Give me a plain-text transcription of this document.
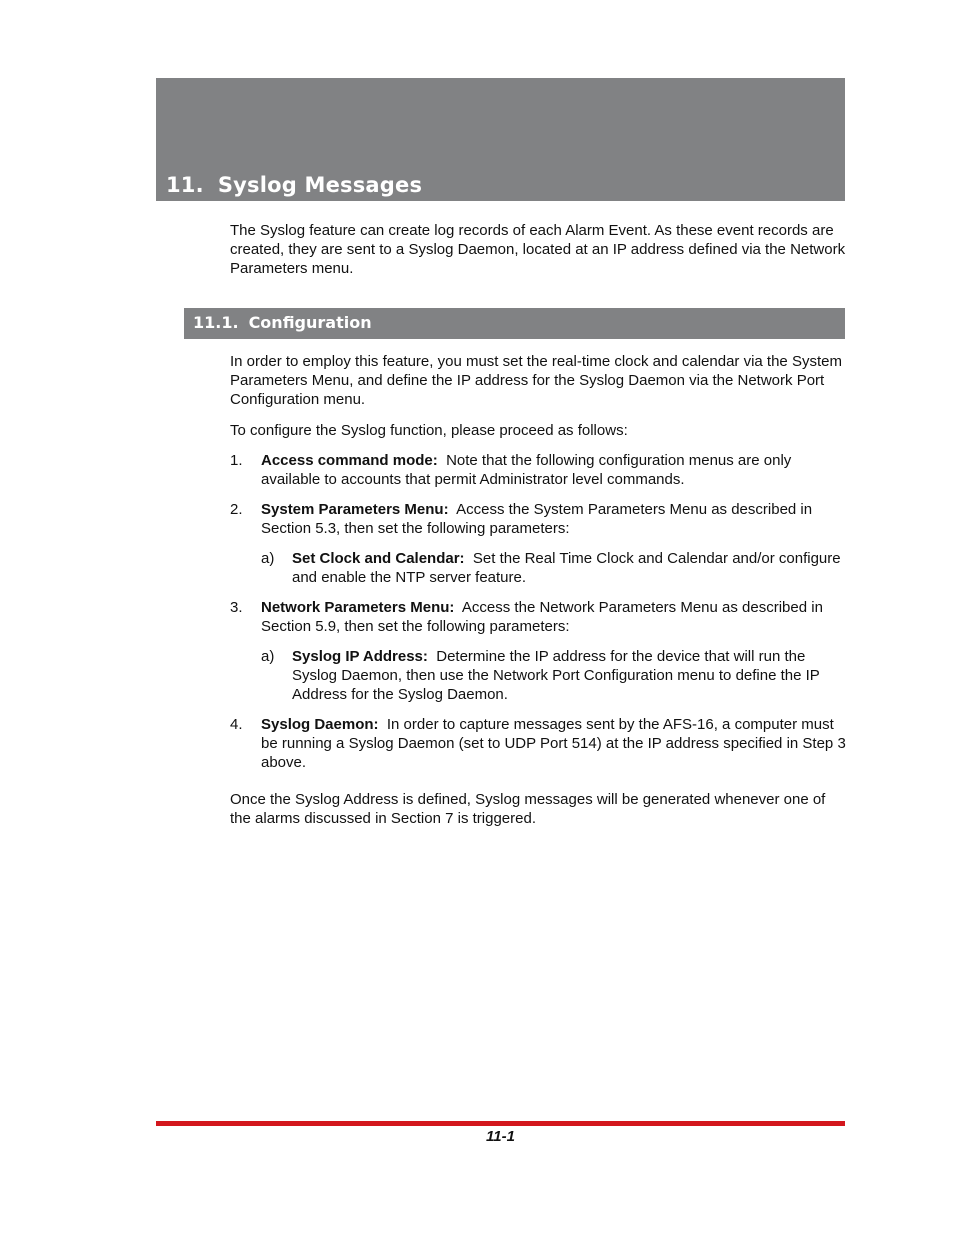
11. Syslog Messages

The Syslog feature can create log records of each Alarm Event. As these event records are created, they are sent to a Syslog Daemon, located at an IP address defined via the Network Parameters menu.

11.1. Configuration

In order to employ this feature, you must set the real-time clock and calendar via the System Parameters Menu, and define the IP address for the Syslog Daemon via the Network Port Configuration menu.

To configure the Syslog function, please proceed as follows:

1.	Access command mode: Note that the following configuration menus are only available to accounts that permit Administrator level commands.

2.	System Parameters Menu: Access the System Parameters Menu as described in Section 5.3, then set the following parameters:

a)	Set Clock and Calendar: Set the Real Time Clock and Calendar and/or configure and enable the NTP server feature.

3.	Network Parameters Menu: Access the Network Parameters Menu as described in Section 5.9, then set the following parameters:

a)	Syslog IP Address: Determine the IP address for the device that will run the Syslog Daemon, then use the Network Port Configuration menu to define the IP Address for the Syslog Daemon.

4.	Syslog Daemon: In order to capture messages sent by the AFS-16, a computer must be running a Syslog Daemon (set to UDP Port 514) at the IP address specified in Step 3 above.

Once the Syslog Address is defined, Syslog messages will be generated whenever one of the alarms discussed in Section 7 is triggered.

11-1
